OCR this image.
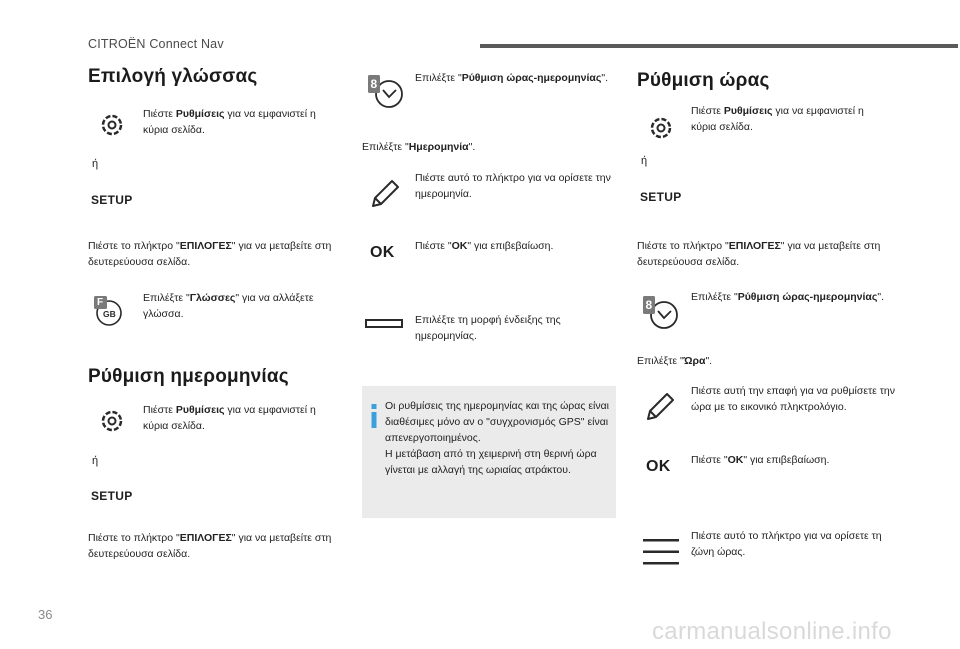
CITROËN Connect Nav
Επιλογή γλώσσας
Πιέστε Ρυθμίσεις για να εμφανιστεί η κύρια σελίδα.
ή
SETUP
Πιέστε το πλήκτρο "ΕΠΙΛΟΓΕΣ" για να μεταβείτε στη δευτερεύουσα σελίδα.
F
GB
Επιλέξτε "Γλώσσες" για να αλλάξετε γλώσσα.
Ρύθμιση ημερομηνίας
Πιέστε Ρυθμίσεις για να εμφανιστεί η κύρια σελίδα.
ή
SETUP
Πιέστε το πλήκτρο "ΕΠΙΛΟΓΕΣ" για να μεταβείτε στη δευτερεύουσα σελίδα.
8	Επιλέξτε "Ρύθμιση ώρας-ημερομηνίας".
Επιλέξτε "Ημερομηνία".
Πιέστε αυτό το πλήκτρο για να ορίσετε την ημερομηνία.
OK Πιέστε "OK" για επιβεβαίωση.
Επιλέξτε τη μορφή ένδειξης της ημερομηνίας.
Οι ρυθμίσεις της ημερομηνίας και της ώρας είναι διαθέσιμες μόνο αν ο "συγχρονισμός GPS" είναι απενεργοποιημένος.
Η μετάβαση από τη χειμερινή στη θερινή ώρα γίνεται με αλλαγή της ωριαίας ατράκτου.
Ρύθμιση ώρας
Πιέστε Ρυθμίσεις για να εμφανιστεί η κύρια σελίδα.
ή
SETUP
Πιέστε το πλήκτρο "ΕΠΙΛΟΓΕΣ" για να μεταβείτε στη δευτερεύουσα σελίδα.
8
Επιλέξτε "Ρύθμιση ώρας-ημερομηνίας".
Επιλέξτε "Ώρα".
Πιέστε αυτή την επαφή για να ρυθμίσετε την ώρα με το εικονικό πληκτρολόγιο.
OK Πιέστε "OK" για επιβεβαίωση.
Πιέστε αυτό το πλήκτρο για να ορίσετε τη ζώνη ώρας.
36
carmanualsonline.info
